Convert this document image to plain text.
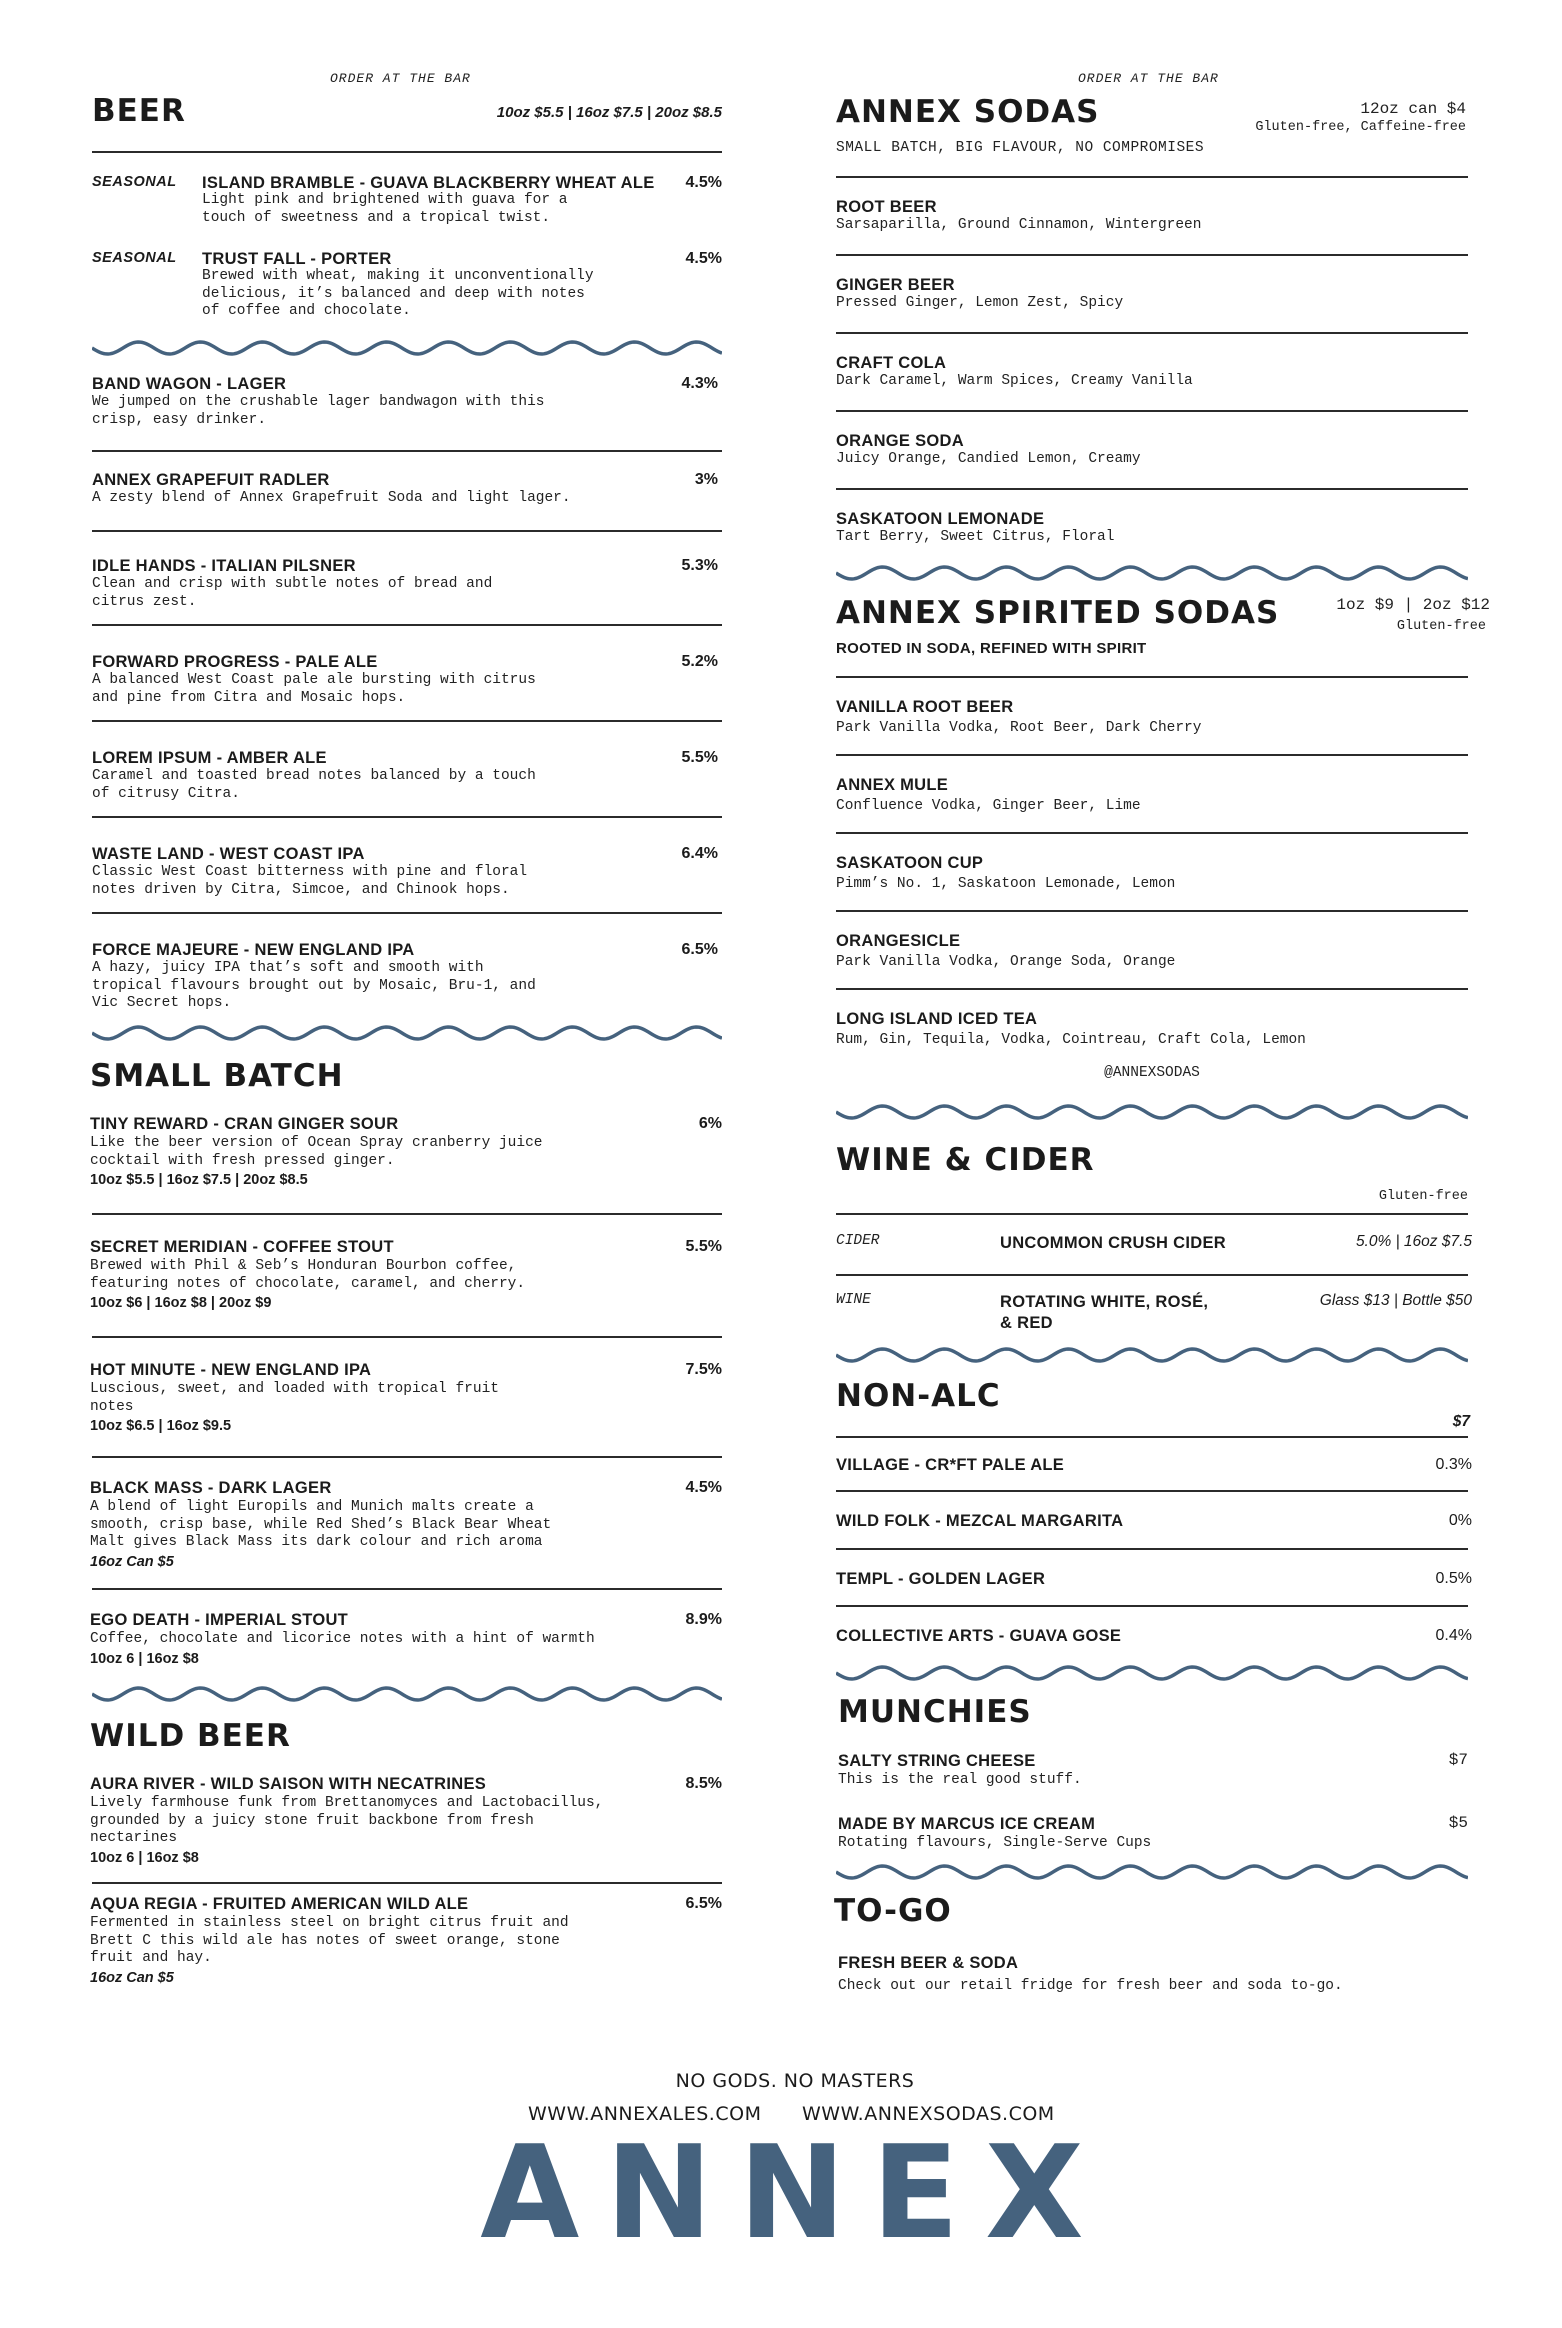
ORDER AT THE BAR
BEER	10oz $5.5 | 16oz $7.5 | 20oz $8.5
SEASONAL ISLAND BRAMBLE - GUAVA BLACKBERRY WHEAT ALE	4.5%
Light pink and brightened with guava for a
touch of sweetness and a tropical twist.
SEASONAL TRUST FALL - PORTER	4.5%
Brewed with wheat, making it unconventionally
delicious, it’s balanced and deep with notes
of coffee and chocolate.
BAND WAGON - LAGER	4.3%
We jumped on the crushable lager bandwagon with this
crisp, easy drinker.
ANNEX GRAPEFUIT RADLER	3%
A zesty blend of Annex Grapefruit Soda and light lager.
IDLE HANDS - ITALIAN PILSNER	5.3%
Clean and crisp with subtle notes of bread and
citrus zest.
FORWARD PROGRESS - PALE ALE	5.2%
A balanced West Coast pale ale bursting with citrus
and pine from Citra and Mosaic hops.
LOREM IPSUM - AMBER ALE	5.5%
Caramel and toasted bread notes balanced by a touch
of citrusy Citra.
WASTE LAND - WEST COAST IPA	6.4%
Classic West Coast bitterness with pine and floral
notes driven by Citra, Simcoe, and Chinook hops.
FORCE MAJEURE - NEW ENGLAND IPA	6.5%
A hazy, juicy IPA that’s soft and smooth with
tropical flavours brought out by Mosaic, Bru-1, and
Vic Secret hops.
SMALL BATCH
TINY REWARD - CRAN GINGER SOUR	6%
Like the beer version of Ocean Spray cranberry juice
cocktail with fresh pressed ginger.
10oz $5.5 | 16oz $7.5 | 20oz $8.5
SECRET MERIDIAN - COFFEE STOUT	5.5%
Brewed with Phil & Seb’s Honduran Bourbon coffee,
featuring notes of chocolate, caramel, and cherry.
10oz $6 | 16oz $8 | 20oz $9
HOT MINUTE - NEW ENGLAND IPA	7.5%
Luscious, sweet, and loaded with tropical fruit
notes
10oz $6.5 | 16oz $9.5
BLACK MASS - DARK LAGER	4.5%
A blend of light Europils and Munich malts create a
smooth, crisp base, while Red Shed’s Black Bear Wheat
Malt gives Black Mass its dark colour and rich aroma
16oz Can $5
EGO DEATH - IMPERIAL STOUT	8.9%
Coffee, chocolate and licorice notes with a hint of warmth
10oz 6 | 16oz $8
WILD BEER
AURA RIVER - WILD SAISON WITH NECATRINES	8.5%
Lively farmhouse funk from Brettanomyces and Lactobacillus,
grounded by a juicy stone fruit backbone from fresh
nectarines
10oz 6 | 16oz $8
AQUA REGIA - FRUITED AMERICAN WILD ALE	6.5%
Fermented in stainless steel on bright citrus fruit and
Brett C this wild ale has notes of sweet orange, stone
fruit and hay.
16oz Can $5
ORDER AT THE BAR
ANNEX SODAS	12oz can $4
Gluten-free, Caffeine-free
SMALL BATCH, BIG FLAVOUR, NO COMPROMISES
ROOT BEER
Sarsaparilla, Ground Cinnamon, Wintergreen
GINGER BEER
Pressed Ginger, Lemon Zest, Spicy
CRAFT COLA
Dark Caramel, Warm Spices, Creamy Vanilla
ORANGE SODA
Juicy Orange, Candied Lemon, Creamy
SASKATOON LEMONADE
Tart Berry, Sweet Citrus, Floral
ANNEX SPIRITED SODAS	1oz $9 | 2oz $12
Gluten-free
ROOTED IN SODA, REFINED WITH SPIRIT
VANILLA ROOT BEER
Park Vanilla Vodka, Root Beer, Dark Cherry
ANNEX MULE
Confluence Vodka, Ginger Beer, Lime
SASKATOON CUP
Pimm’s No. 1, Saskatoon Lemonade, Lemon
ORANGESICLE
Park Vanilla Vodka, Orange Soda, Orange
LONG ISLAND ICED TEA
Rum, Gin, Tequila, Vodka, Cointreau, Craft Cola, Lemon
@ANNEXSODAS
WINE & CIDER
Gluten-free
CIDER	UNCOMMON CRUSH CIDER	5.0% | 16oz $7.5
WINE	ROTATING WHITE, ROSÉ,
& RED
Glass $13 | Bottle $50
NON-ALC
$7
VILLAGE - CR*FT PALE ALE	0.3%
WILD FOLK - MEZCAL MARGARITA	0%
TEMPL - GOLDEN LAGER	0.5%
COLLECTIVE ARTS - GUAVA GOSE	0.4%
MUNCHIES
SALTY STRING CHEESE	$7
This is the real good stuff.
MADE BY MARCUS ICE CREAM	$5
Rotating flavours, Single-Serve Cups
TO-GO
FRESH BEER & SODA
Check out our retail fridge for fresh beer and soda to-go.
NO GODS. NO MASTERS
WWW.ANNEXALES.COM WWW.ANNEXSODAS.COM
ANNEX
